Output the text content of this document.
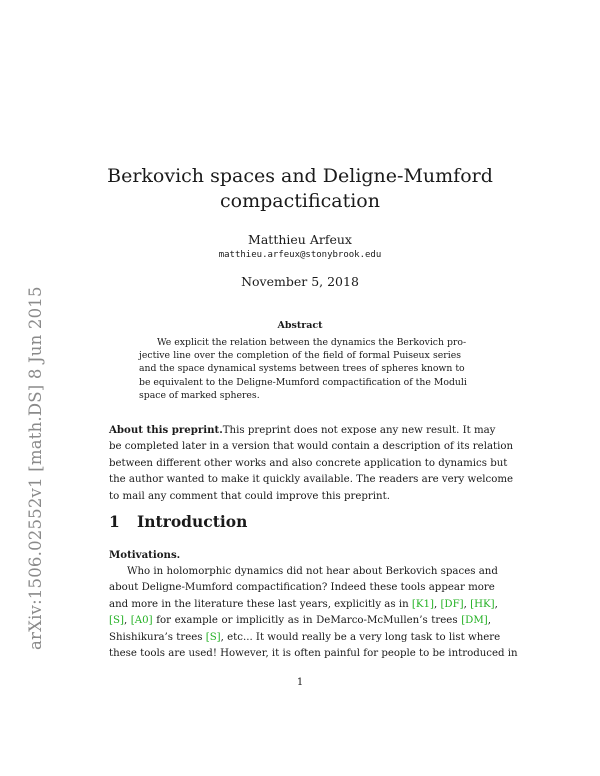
arXiv:1506.02552v1 [math.DS] 8 Jun 2015
Berkovich spaces and Deligne-Mumford
compactification
Matthieu Arfeux
matthieu.arfeux@stonybrook.edu
November 5, 2018
Abstract
We explicit the relation between the dynamics the Berkovich pro-
jective line over the completion of the field of formal Puiseux series
and the space dynamical systems between trees of spheres known to
be equivalent to the Deligne-Mumford compactification of the Moduli
space of marked spheres.
About this preprint.This preprint does not expose any new result. It may
be completed later in a version that would contain a description of its relation
between different other works and also concrete application to dynamics but
the author wanted to make it quickly available. The readers are very welcome
to mail any comment that could improve this preprint.
1 Introduction
Motivations.
Who in holomorphic dynamics did not hear about Berkovich spaces and
about Deligne-Mumford compactification? Indeed these tools appear more
and more in the literature these last years, explicitly as in [K1], [DF], [HK],
[S], [A0] for example or implicitly as in DeMarco-McMullen’s trees [DM],
Shishikura’s trees [S], etc... It would really be a very long task to list where
these tools are used! However, it is often painful for people to be introduced in
1
